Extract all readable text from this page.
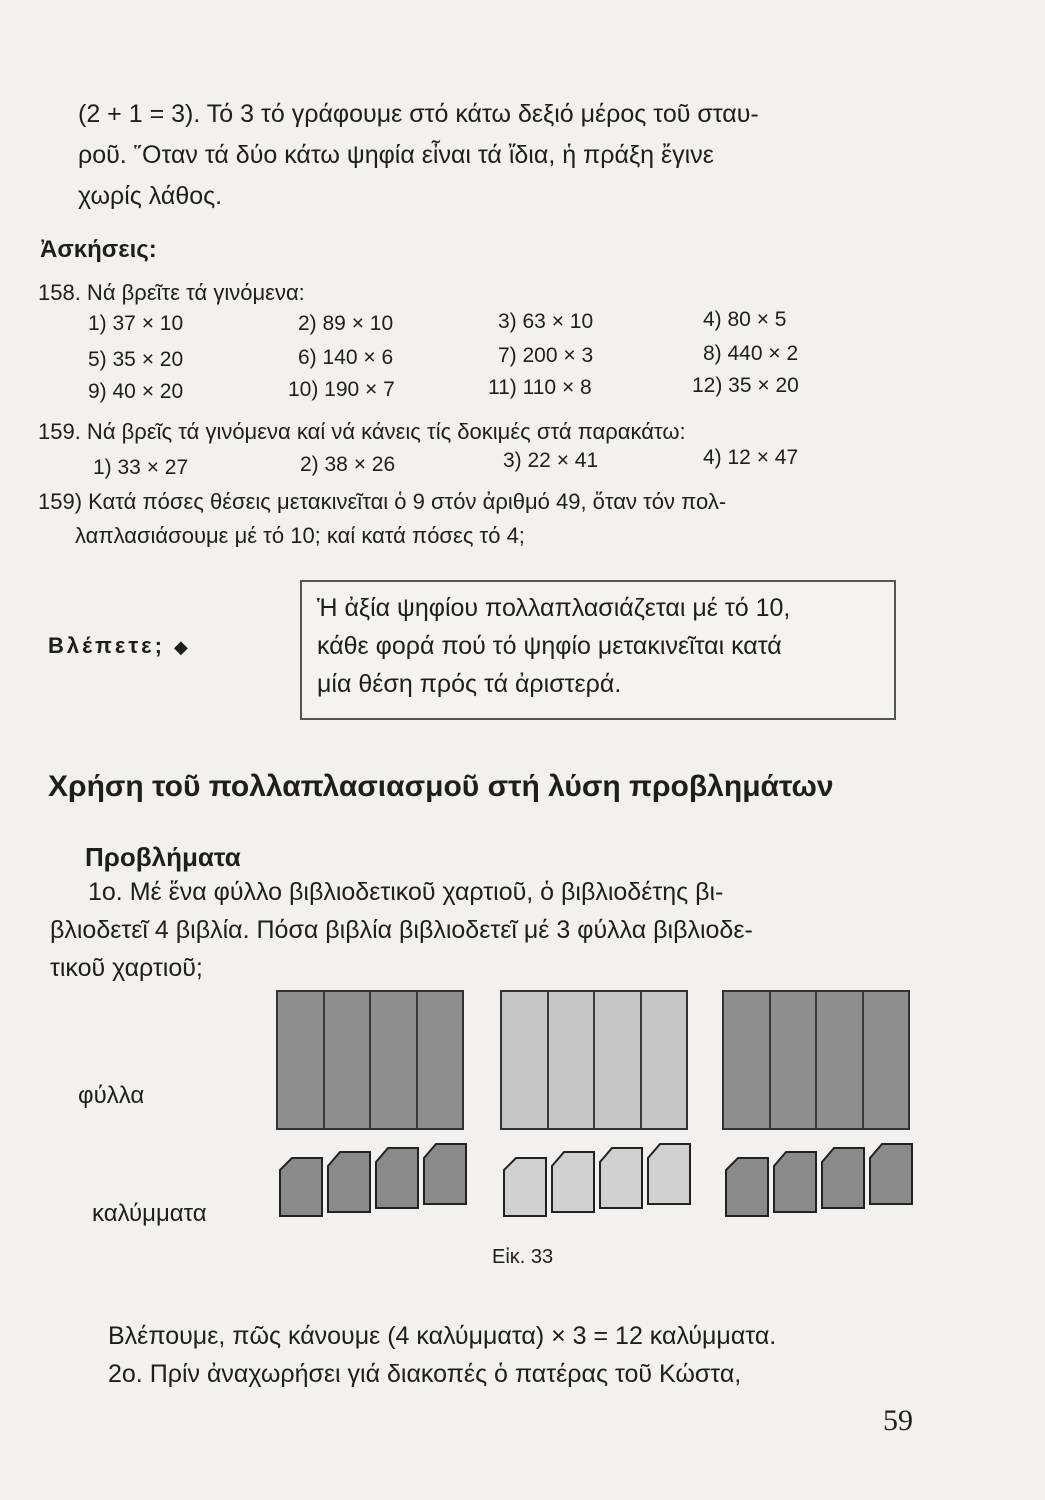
(2 + 1 = 3). Τό 3 τό γράφουμε στό κάτω δεξιό μέρος τοῦ σταυ-

ροῦ. ῞Οταν τά δύο κάτω ψηφία εἶναι τά ἴδια, ἡ πράξη ἔγινε

χωρίς λάθος.

Ἀσκήσεις:
158. Νά βρεῖτε τά γινόμενα:
1) 37 × 10	2) 89 × 10	3) 63 × 10	4) 80 × 5
5) 35 × 20	6) 140 × 6	7) 200 × 3	8) 440 × 2
9) 40 × 20	10) 190 × 7	11) 110 × 8	12) 35 × 20
159. Νά βρεῖς τά γινόμενα καί νά κάνεις τίς δοκιμές στά παρακάτω:
1) 33 × 27	2) 38 × 26	3) 22 × 41	4) 12 × 47
159) Κατά πόσες θέσεις μετακινεῖται ὁ 9 στόν ἀριθμό 49, ὅταν τόν πολ-
λαπλασιάσουμε μέ τό 10; καί κατά πόσες τό 4;
Βλέπετε; ◆
Ἡ ἀξία ψηφίου πολλαπλασιάζεται μέ τό 10,
κάθε φορά πού τό ψηφίο μετακινεῖται κατά
μία θέση πρός τά ἀριστερά.
Χρήση τοῦ πολλαπλασιασμοῦ στή λύση προβλημάτων
Προβλήματα

1ο. Μέ ἕνα φύλλο βιβλιοδετικοῦ χαρτιοῦ, ὁ βιβλιοδέτης βι-

βλιοδετεῖ 4 βιβλία. Πόσα βιβλία βιβλιοδετεῖ μέ 3 φύλλα βιβλιοδε-

τικοῦ χαρτιοῦ;

φύλλα
καλύμματα
Εἰκ. 33

Βλέπουμε, πῶς κάνουμε (4 καλύμματα) × 3 = 12 καλύμματα.

2ο. Πρίν ἀναχωρήσει γιά διακοπές ὁ πατέρας τοῦ Κώστα,

59
